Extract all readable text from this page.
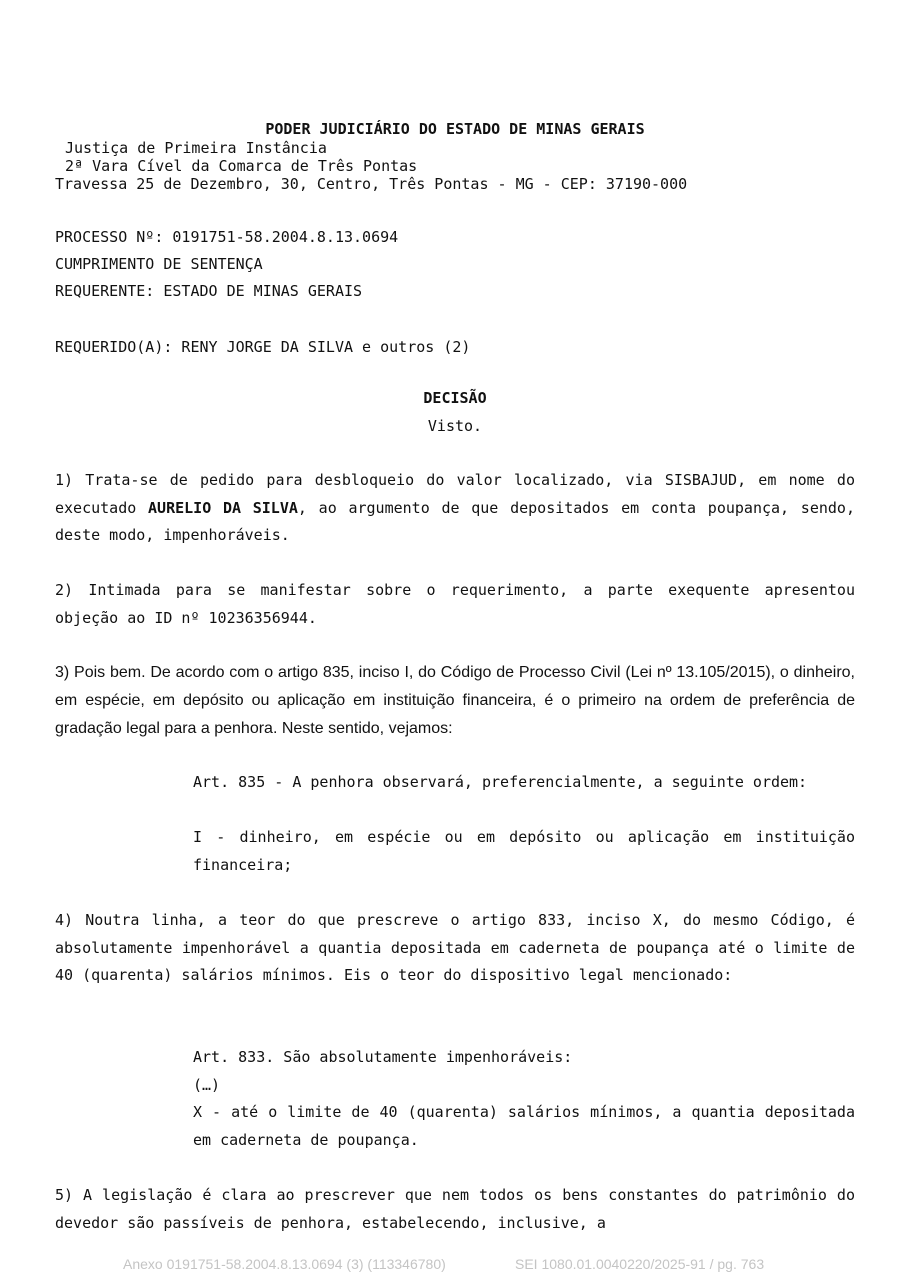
PODER JUDICIÁRIO DO ESTADO DE MINAS GERAIS
Justiça de Primeira Instância
2ª Vara Cível da Comarca de Três Pontas
Travessa 25 de Dezembro, 30, Centro, Três Pontas - MG - CEP: 37190-000
PROCESSO Nº: 0191751-58.2004.8.13.0694
CUMPRIMENTO DE SENTENÇA
REQUERENTE: ESTADO DE MINAS GERAIS
REQUERIDO(A): RENY JORGE DA SILVA e outros (2)
DECISÃO
Visto.

1) Trata-se de pedido para desbloqueio do valor localizado, via SISBAJUD, em nome do executado AURELIO DA SILVA, ao argumento de que depositados em conta poupança, sendo, deste modo, impenhoráveis.

2) Intimada para se manifestar sobre o requerimento, a parte exequente apresentou objeção ao ID nº 10236356944.

3) Pois bem. De acordo com o artigo 835, inciso I, do Código de Processo Civil (Lei nº 13.105/2015), o dinheiro, em espécie, em depósito ou aplicação em instituição financeira, é o primeiro na ordem de preferência de gradação legal para a penhora. Neste sentido, vejamos:

Art. 835 - A penhora observará, preferencialmente, a seguinte ordem:

I - dinheiro, em espécie ou em depósito ou aplicação em instituição financeira;

4) Noutra linha, a teor do que prescreve o artigo 833, inciso X, do mesmo Código, é absolutamente impenhorável a quantia depositada em caderneta de poupança até o limite de 40 (quarenta) salários mínimos. Eis o teor do dispositivo legal mencionado:

Art. 833. São absolutamente impenhoráveis:

(…)

X - até o limite de 40 (quarenta) salários mínimos, a quantia depositada em caderneta de poupança.

5) A legislação é clara ao prescrever que nem todos os bens constantes do patrimônio do devedor são passíveis de penhora, estabelecendo, inclusive, a

Anexo 0191751-58.2004.8.13.0694 (3) (113346780)	SEI 1080.01.0040220/2025-91 / pg. 763
